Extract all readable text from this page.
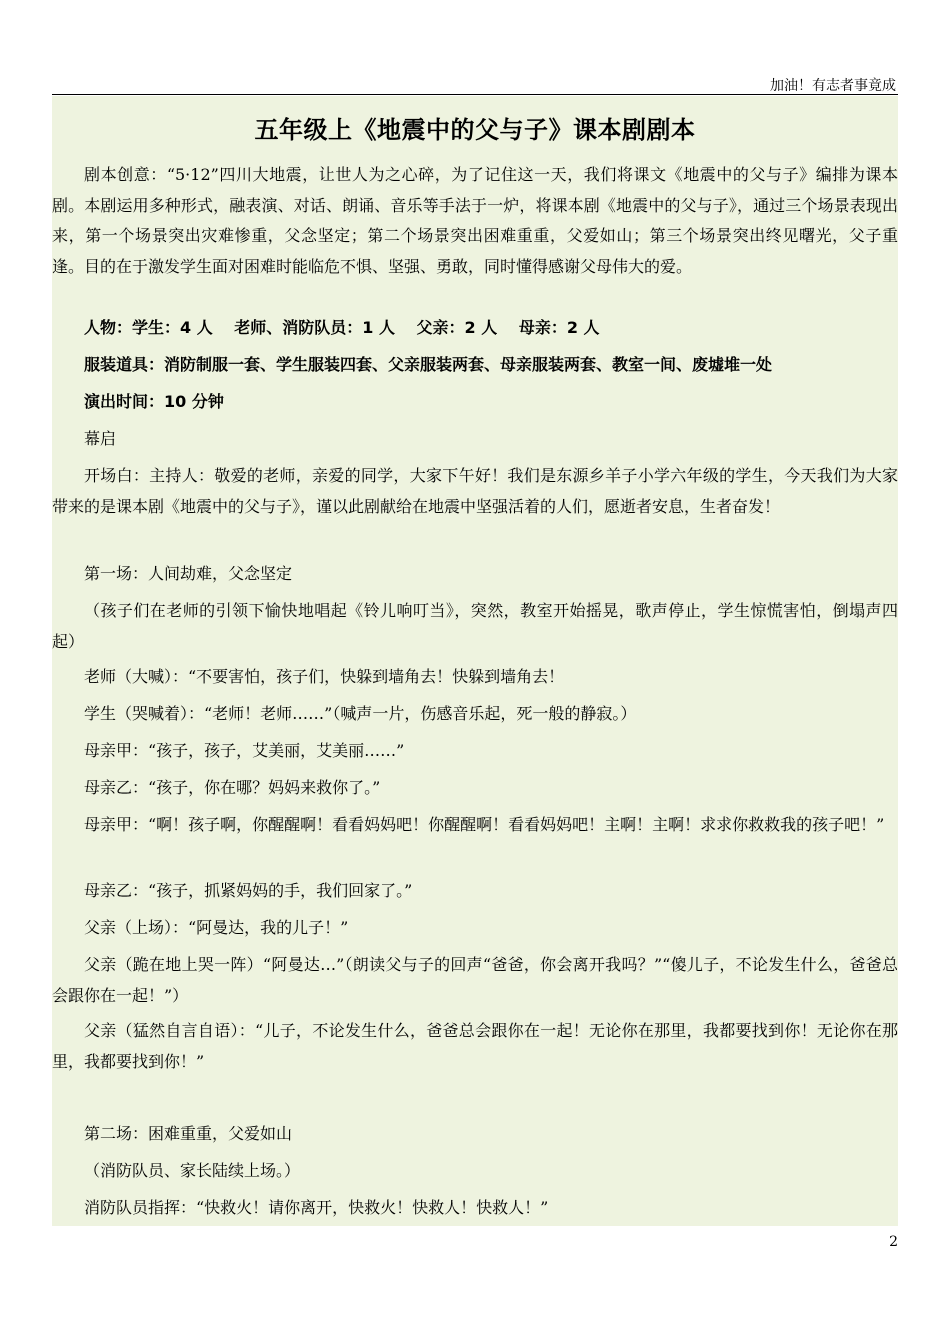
加油！有志者事竟成
五年级上《地震中的父与子》课本剧剧本

剧本创意：“5·12”四川大地震，让世人为之心碎，为了记住这一天，我们将课文《地震中的父与子》编排为课本剧。本剧运用多种形式，融表演、对话、朗诵、音乐等手法于一炉，将课本剧《地震中的父与子》，通过三个场景表现出来，第一个场景突出灾难惨重，父念坚定；第二个场景突出困难重重，父爱如山；第三个场景突出终见曙光，父子重逢。目的在于激发学生面对困难时能临危不惧、坚强、勇敢，同时懂得感谢父母伟大的爱。

人物：学生：4 人　 老师、消防队员：1 人　 父亲：2 人　 母亲：2 人

服装道具：消防制服一套、学生服装四套、父亲服装两套、母亲服装两套、教室一间、废墟堆一处

演出时间：10 分钟

幕启

开场白：主持人：敬爱的老师，亲爱的同学，大家下午好！我们是东源乡羊子小学六年级的学生，今天我们为大家带来的是课本剧《地震中的父与子》，谨以此剧献给在地震中坚强活着的人们，愿逝者安息，生者奋发！

第一场：人间劫难，父念坚定

（孩子们在老师的引领下愉快地唱起《铃儿响叮当》，突然，教室开始摇晃，歌声停止，学生惊慌害怕，倒塌声四起）

老师（大喊）：“不要害怕，孩子们，快躲到墙角去！快躲到墙角去！

学生（哭喊着）：“老师！老师……”（喊声一片，伤感音乐起，死一般的静寂。）

母亲甲：“孩子，孩子，艾美丽，艾美丽……”

母亲乙：“孩子，你在哪？妈妈来救你了。”

母亲甲：“啊！孩子啊，你醒醒啊！看看妈妈吧！你醒醒啊！看看妈妈吧！主啊！主啊！求求你救救我的孩子吧！”

母亲乙：“孩子，抓紧妈妈的手，我们回家了。”

父亲（上场）：“阿曼达，我的儿子！”

父亲（跪在地上哭一阵）“阿曼达…”（朗读父与子的回声“爸爸，你会离开我吗？”“傻儿子，不论发生什么，爸爸总会跟你在一起！”）

父亲（猛然自言自语）：“儿子，不论发生什么，爸爸总会跟你在一起！无论你在那里，我都要找到你！无论你在那里，我都要找到你！”

第二场：困难重重，父爱如山

（消防队员、家长陆续上场。）

消防队员指挥：“快救火！请你离开，快救火！快救人！快救人！”

2
